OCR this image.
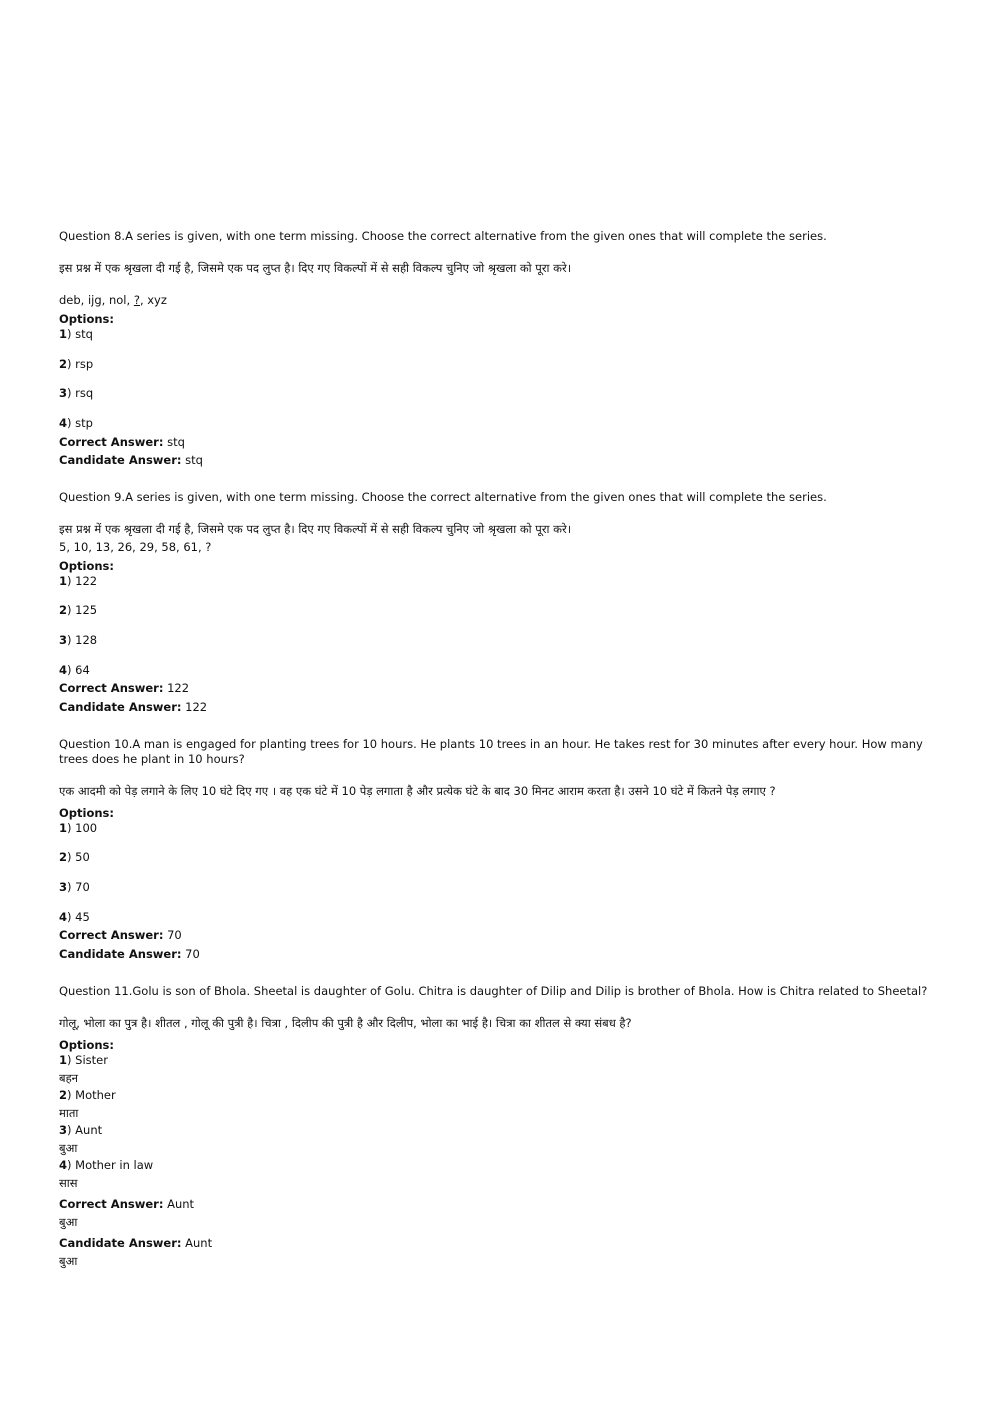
Question 8.A series is given, with one term missing. Choose the correct alternative from the given ones that will complete the series.
इस प्रश्न में एक श्रृखला दी गई है, जिसमे एक पद लुप्त है। दिए गए विकल्पों में से सही विकल्प चुनिए जो श्रृखला को पूरा करे।
deb, ijg, nol, ?, xyz
Options:
1) stq
2) rsp
3) rsq
4) stp
Correct Answer: stq
Candidate Answer: stq
Question 9.A series is given, with one term missing. Choose the correct alternative from the given ones that will complete the series.
इस प्रश्न में एक श्रृखला दी गई है, जिसमे एक पद लुप्त है। दिए गए विकल्पों में से सही विकल्प चुनिए जो श्रृखला को पूरा करे।
5, 10, 13, 26, 29, 58, 61, ?
Options:
1) 122
2) 125
3) 128
4) 64
Correct Answer: 122
Candidate Answer: 122
Question 10.A man is engaged for planting trees for 10 hours. He plants 10 trees in an hour. He takes rest for 30 minutes after every hour. How many trees does he plant in 10 hours?
एक आदमी को पेड़ लगाने के लिए 10 घंटे दिए गए । वह एक घंटे में 10 पेड़ लगाता है और प्रत्येक घंटे के बाद 30 मिनट आराम करता है। उसने 10 घंटे में कितने पेड़ लगाए ?
Options:
1) 100
2) 50
3) 70
4) 45
Correct Answer: 70
Candidate Answer: 70
Question 11.Golu is son of Bhola. Sheetal is daughter of Golu. Chitra is daughter of Dilip and Dilip is brother of Bhola. How is Chitra related to Sheetal?
गोलू, भोला का पुत्र है। शीतल , गोलू की पुत्री है। चित्रा , दिलीप की पुत्री है और दिलीप, भोला का भाई है। चित्रा का शीतल से क्या संबध है?
Options:
1) Sister
बहन
2) Mother
माता
3) Aunt
बुआ
4) Mother in law
सास
Correct Answer: Aunt
बुआ
Candidate Answer: Aunt
बुआ
